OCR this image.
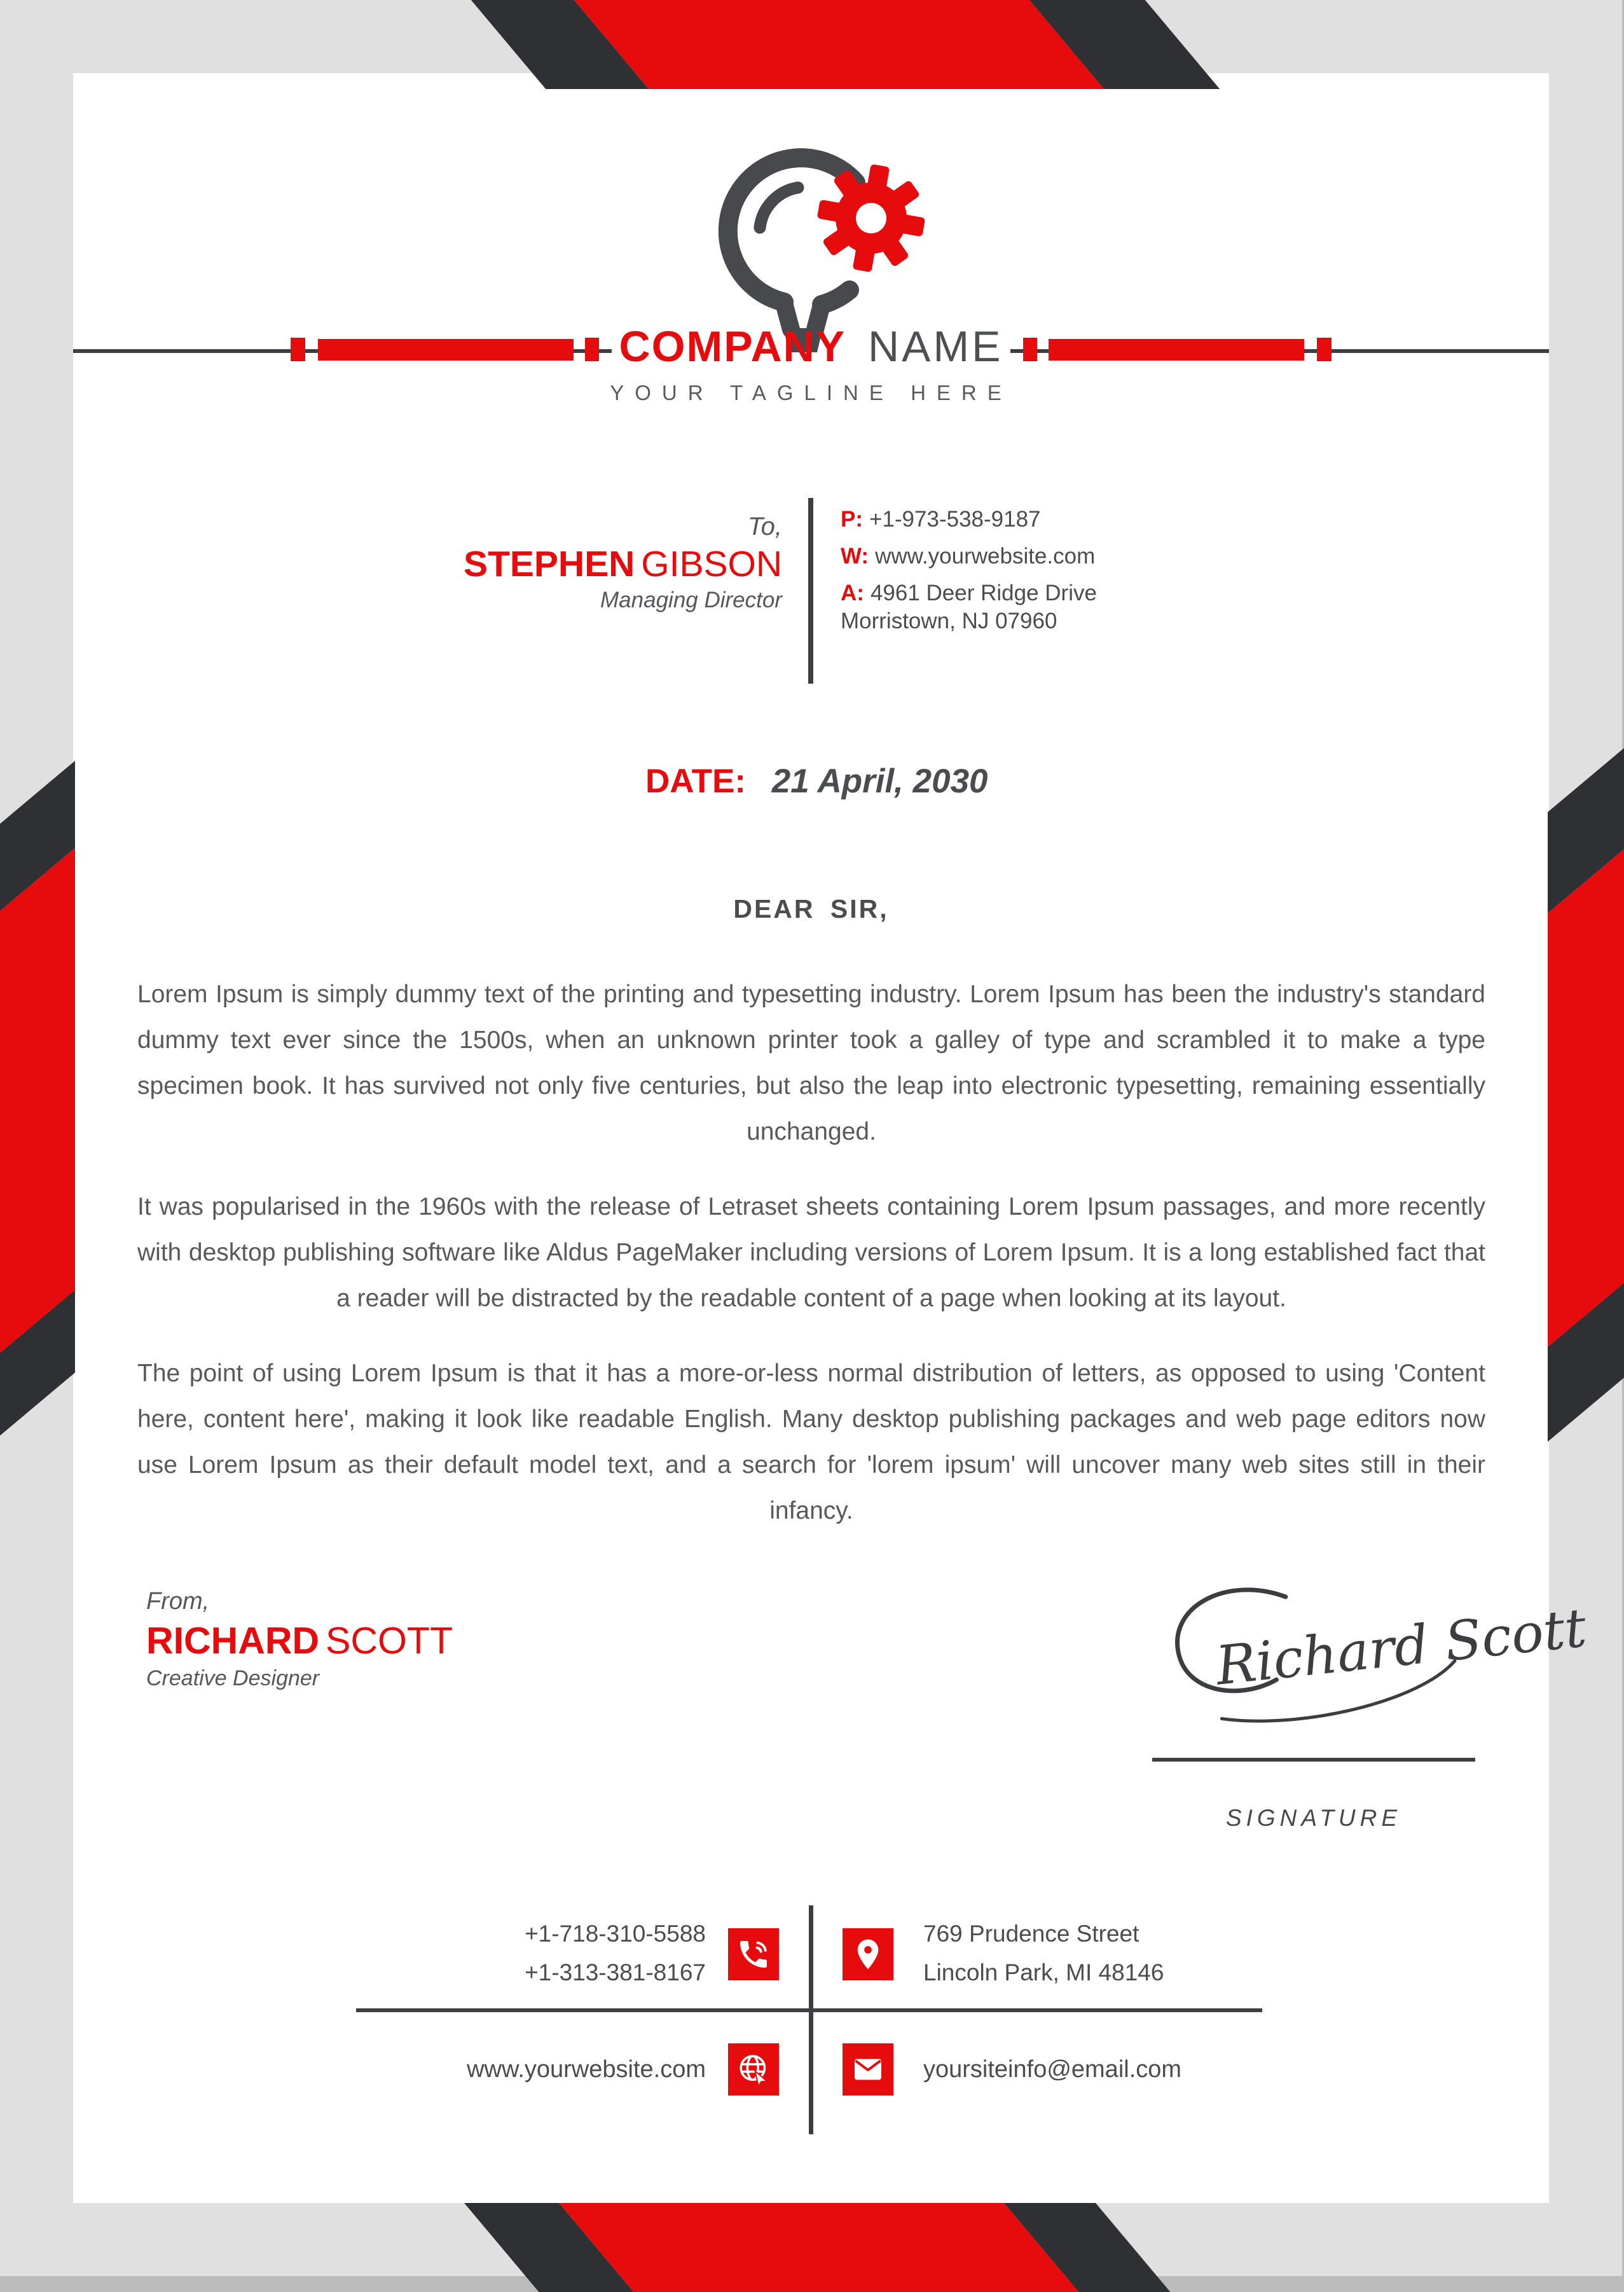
COMPANY NAME
YOUR TAGLINE HERE
To,
STEPHEN GIBSON
Managing Director
P: +1-973-538-9187
W: www.yourwebsite.com
A: 4961 Deer Ridge Drive
Morristown, NJ 07960
DATE: 21 April, 2030
DEAR SIR,

Lorem Ipsum is simply dummy text of the printing and typesetting industry. Lorem Ipsum has been the industry's standard dummy text ever since the 1500s, when an unknown printer took a galley of type and scrambled it to make a type specimen book. It has survived not only five centuries, but also the leap into electronic typesetting, remaining essentially unchanged.

It was popularised in the 1960s with the release of Letraset sheets containing Lorem Ipsum passages, and more recently with desktop publishing software like Aldus PageMaker including versions of Lorem Ipsum. It is a long established fact that a reader will be distracted by the readable content of a page when looking at its layout.

The point of using Lorem Ipsum is that it has a more-or-less normal distribution of letters, as opposed to using 'Content here, content here', making it look like readable English. Many desktop publishing packages and web page editors now use Lorem Ipsum as their default model text, and a search for 'lorem ipsum' will uncover many web sites still in their infancy.

From,
RICHARD SCOTT
Creative Designer	Richard Scott
SIGNATURE
+1-718-310-5588
+1-313-381-8167
769 Prudence Street
Lincoln Park, MI 48146
www.yourwebsite.com	yoursiteinfo@email.com
